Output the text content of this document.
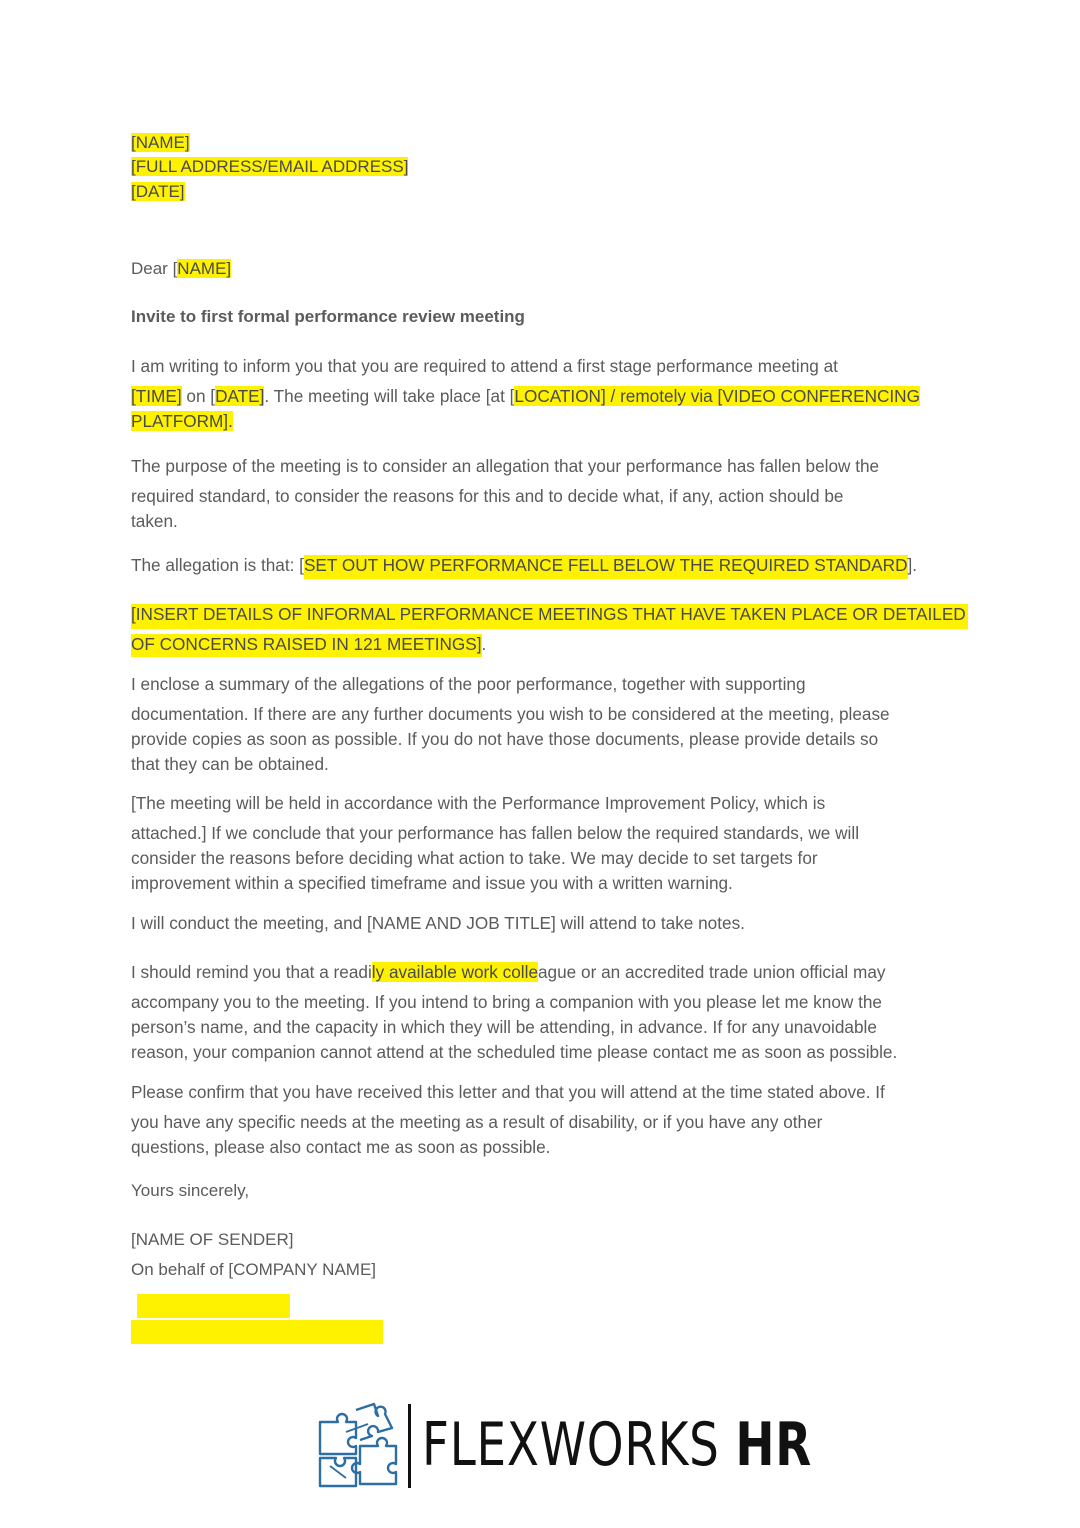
[NAME]
[FULL ADDRESS/EMAIL ADDRESS]
[DATE]
Dear [NAME]
Invite to first formal performance review meeting
I am writing to inform you that you are required to attend a first stage performance meeting at
[TIME] on [DATE]. The meeting will take place [at [LOCATION] / remotely via [VIDEO CONFERENCING
PLATFORM].
The purpose of the meeting is to consider an allegation that your performance has fallen below the
required standard, to consider the reasons for this and to decide what, if any, action should be
taken.
The allegation is that: [SET OUT HOW PERFORMANCE FELL BELOW THE REQUIRED STANDARD].
[INSERT DETAILS OF INFORMAL PERFORMANCE MEETINGS THAT HAVE TAKEN PLACE OR DETAILED
OF CONCERNS RAISED IN 121 MEETINGS].
I enclose a summary of the allegations of the poor performance, together with supporting
documentation. If there are any further documents you wish to be considered at the meeting, please
provide copies as soon as possible. If you do not have those documents, please provide details so
that they can be obtained.
[The meeting will be held in accordance with the Performance Improvement Policy, which is
attached.] If we conclude that your performance has fallen below the required standards, we will
consider the reasons before deciding what action to take. We may decide to set targets for
improvement within a specified timeframe and issue you with a written warning.
I will conduct the meeting, and [NAME AND JOB TITLE] will attend to take notes.
I should remind you that a readily available work colleague or an accredited trade union official may
accompany you to the meeting. If you intend to bring a companion with you please let me know the
person’s name, and the capacity in which they will be attending, in advance. If for any unavoidable
reason, your companion cannot attend at the scheduled time please contact me as soon as possible.
Please confirm that you have received this letter and that you will attend at the time stated above. If
you have any specific needs at the meeting as a result of disability, or if you have any other
questions, please also contact me as soon as possible.
Yours sincerely,
[NAME OF SENDER]
On behalf of [COMPANY NAME]
FLEXWORKS HR
